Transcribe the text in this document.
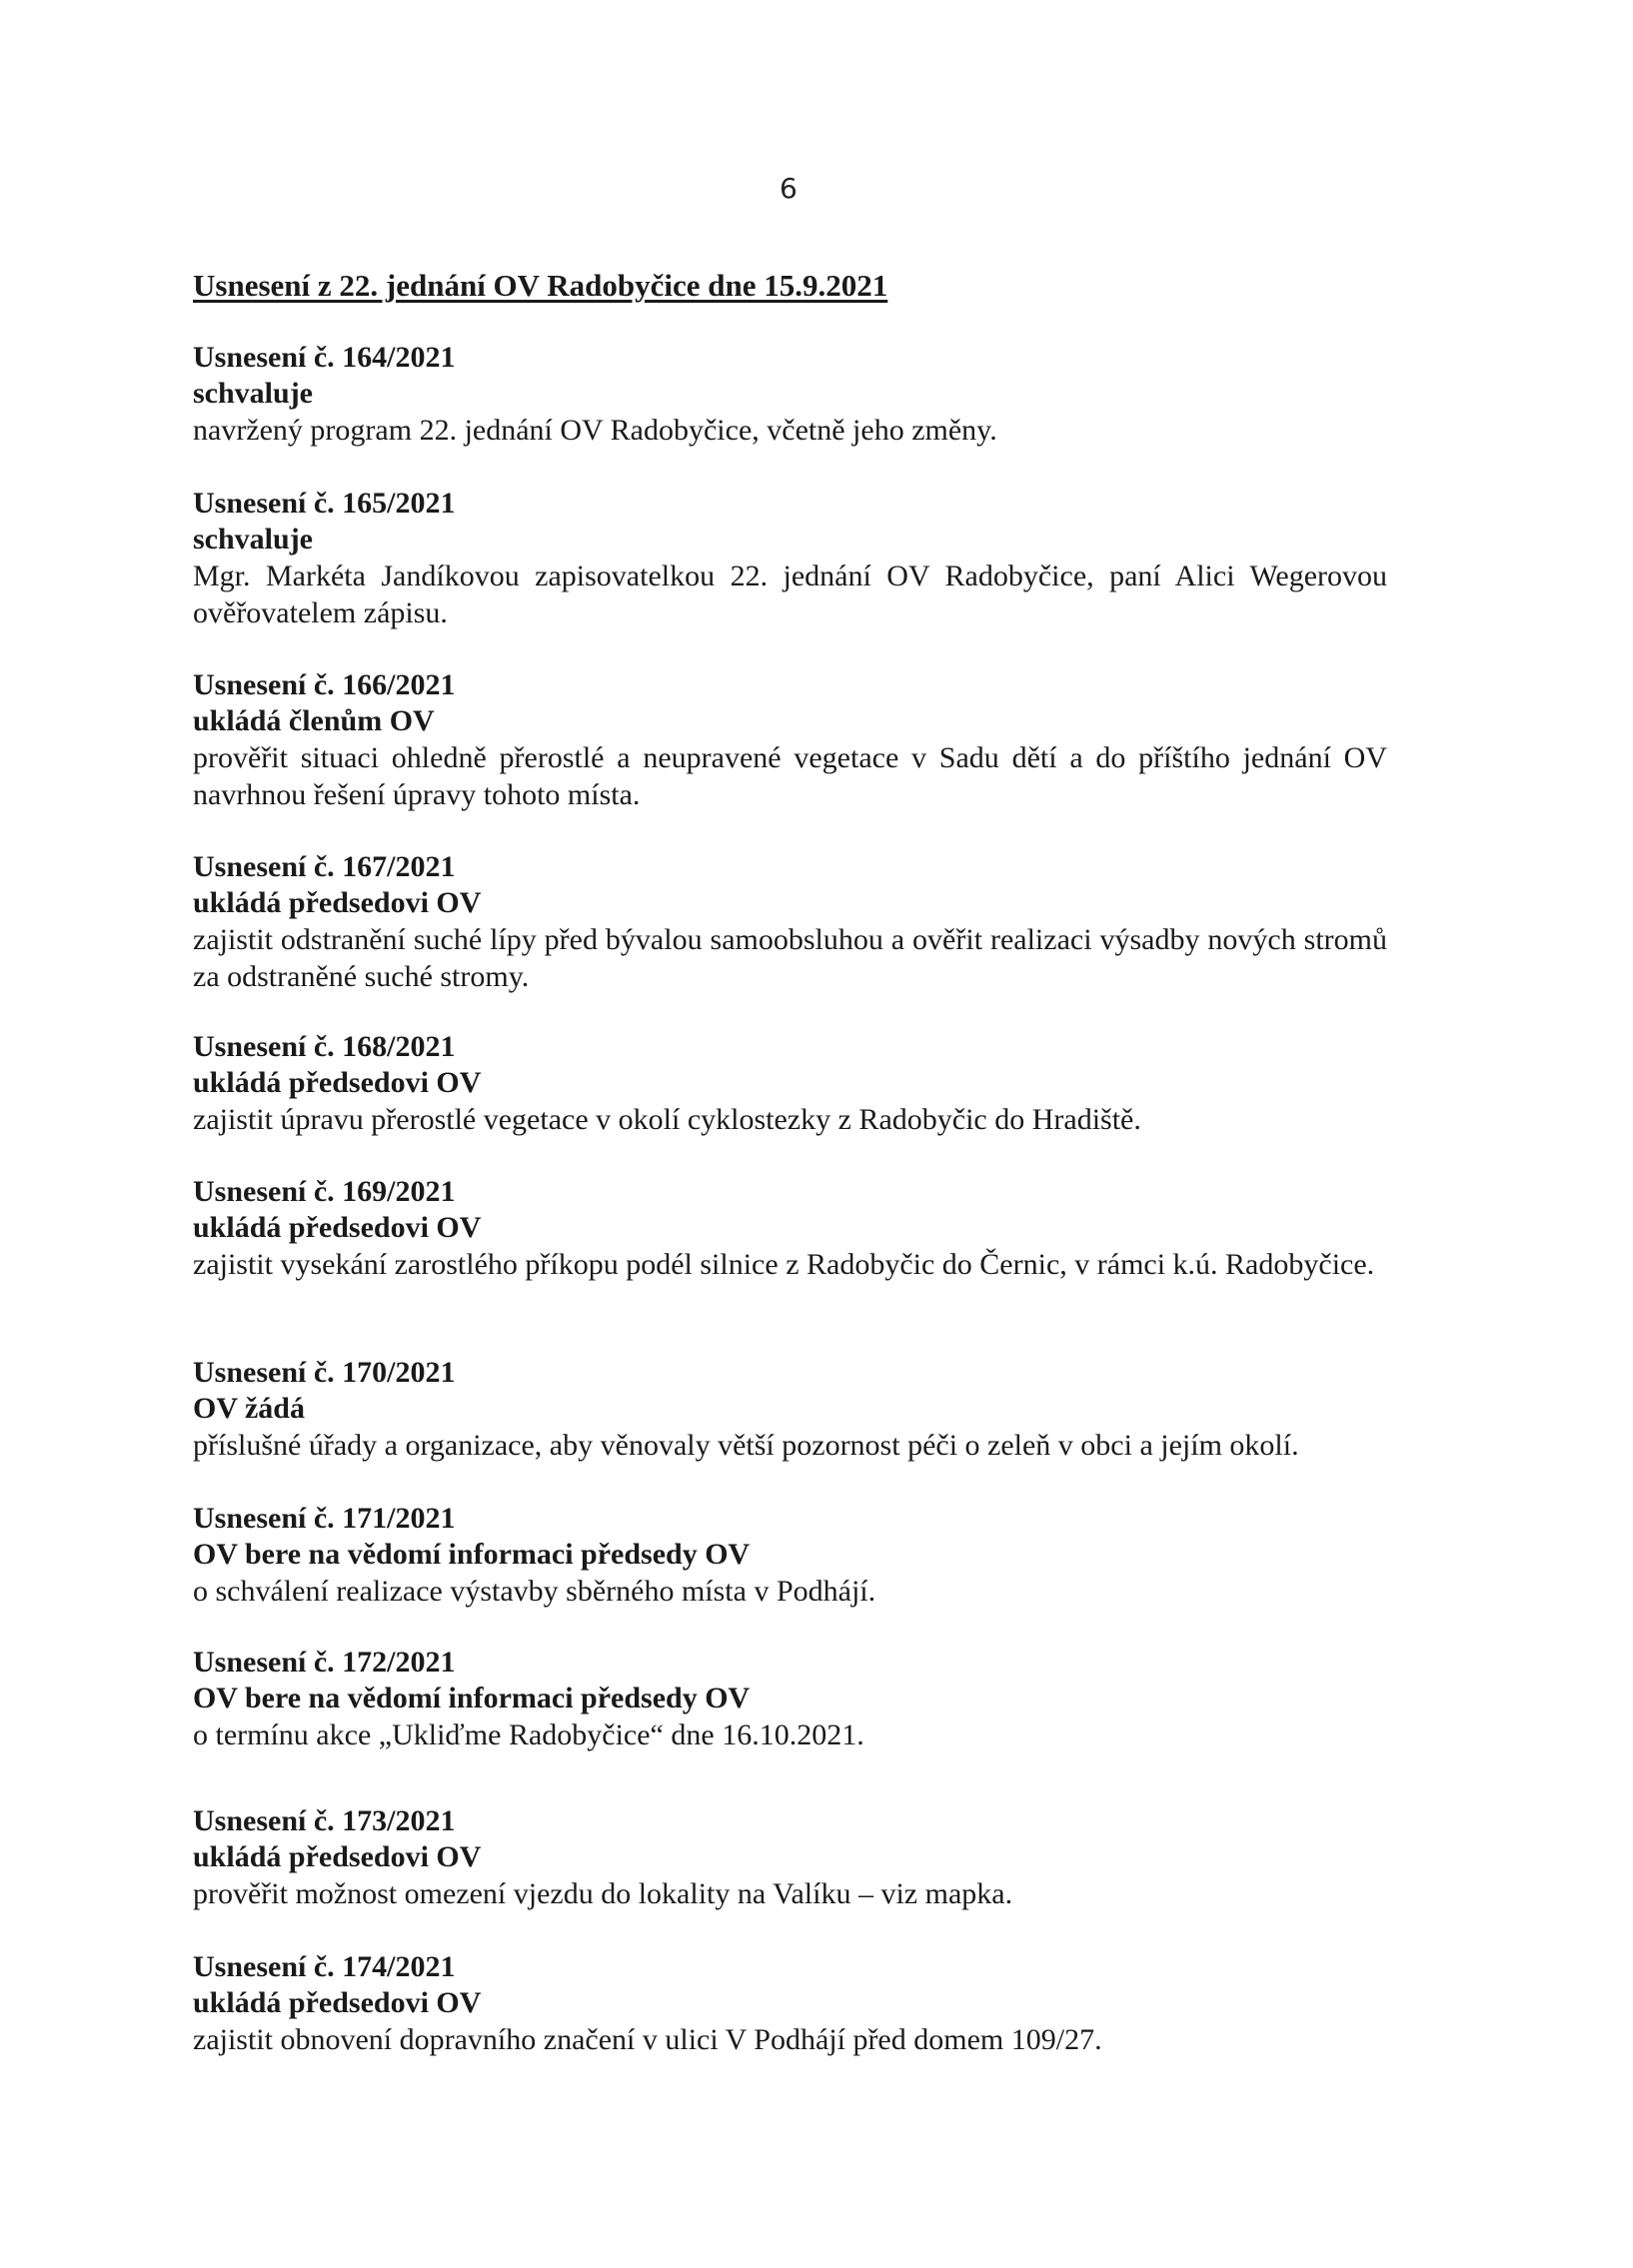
6
Usnesení z 22. jednání OV Radobyčice dne 15.9.2021
Usnesení č. 164/2021
schvaluje
navržený program 22. jednání OV Radobyčice, včetně jeho změny.
Usnesení č. 165/2021
schvaluje
Mgr. Markéta Jandíkovou zapisovatelkou 22. jednání OV Radobyčice, paní Alici Wegerovou ověřovatelem zápisu.
Usnesení č. 166/2021
ukládá členům OV
prověřit situaci ohledně přerostlé a neupravené vegetace v Sadu dětí a do příštího jednání OV navrhnou řešení úpravy tohoto místa.
Usnesení č. 167/2021
ukládá předsedovi OV
zajistit odstranění suché lípy před bývalou samoobsluhou a ověřit realizaci výsadby nových stromů za odstraněné suché stromy.
Usnesení č. 168/2021
ukládá předsedovi OV
zajistit úpravu přerostlé vegetace v okolí cyklostezky z Radobyčic do Hradiště.
Usnesení č. 169/2021
ukládá předsedovi OV
zajistit vysekání zarostlého příkopu podél silnice z Radobyčic do Černic, v rámci k.ú. Radobyčice.
Usnesení č. 170/2021
OV žádá
příslušné úřady a organizace, aby věnovaly větší pozornost péči o zeleň v obci a jejím okolí.
Usnesení č. 171/2021
OV bere na vědomí informaci předsedy OV
o schválení realizace výstavby sběrného místa v Podhájí.
Usnesení č. 172/2021
OV bere na vědomí informaci předsedy OV
o termínu akce „Ukliďme Radobyčice“ dne 16.10.2021.
Usnesení č. 173/2021
ukládá předsedovi OV
prověřit možnost omezení vjezdu do lokality na Valíku – viz mapka.
Usnesení č. 174/2021
ukládá předsedovi OV
zajistit obnovení dopravního značení v ulici V Podhájí před domem 109/27.
